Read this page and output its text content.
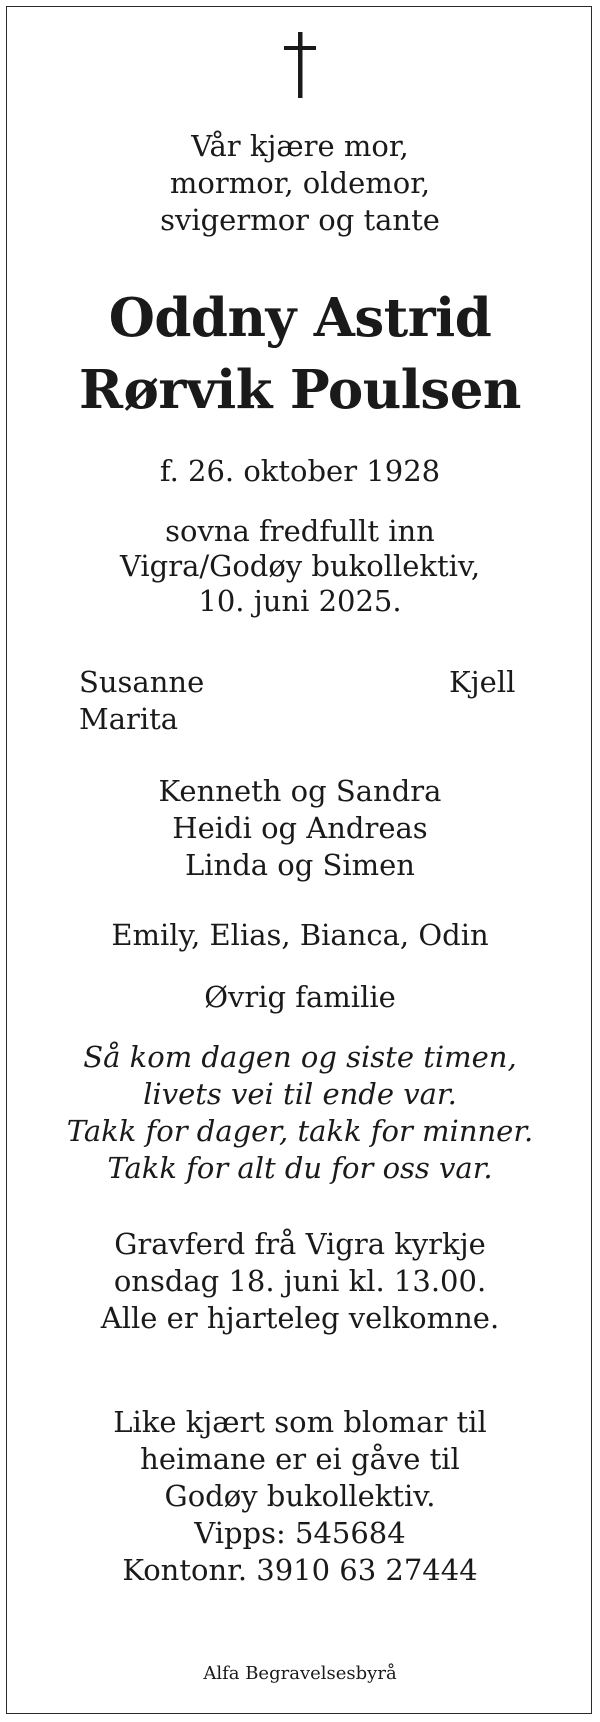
Vår kjære mor,
mormor, oldemor,
svigermor og tante
Oddny Astrid
Rørvik Poulsen
f. 26. oktober 1928
sovna fredfullt inn
Vigra/Godøy bukollektiv,
10. juni 2025.

Susanne

Marita

Kjell

Kenneth og Sandra
Heidi og Andreas
Linda og Simen
Emily, Elias, Bianca, Odin
Øvrig familie
Så kom dagen og siste timen,
livets vei til ende var.
Takk for dager, takk for minner.
Takk for alt du for oss var.
Gravferd frå Vigra kyrkje
onsdag 18. juni kl. 13.00.
Alle er hjarteleg velkomne.
Like kjært som blomar til
heimane er ei gåve til
Godøy bukollektiv.
Vipps: 545684
Kontonr. 3910 63 27444
Alfa Begravelsesbyrå
